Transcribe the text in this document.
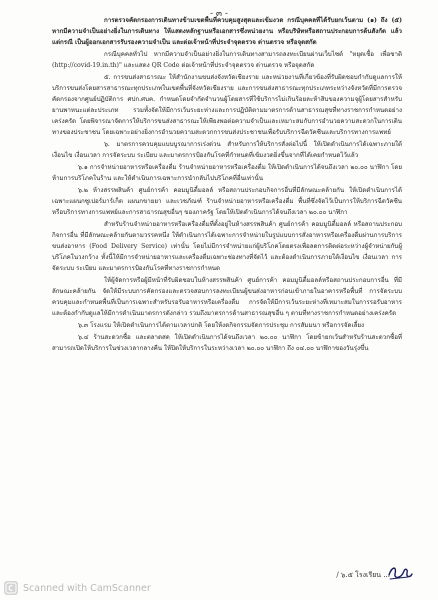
- ๓ -

การตรวจคัดกรองการเดินทางข้ามเขตพื้นที่ควบคุมสูงสุดและเข้มงวด กรณีบุคคลที่ได้รับยกเว้นตาม (๑) ถึง (๕) หากมีความจำเป็นอย่างยิ่งในการเดินทาง ให้แสดงหลักฐานหรือเอกสารซึ่งหน่วยงาน หรือบริษัทหรือสถานประกอบการต้นสังกัด แล้วแต่กรณี เป็นผู้ออกเอกสารรับรองความจำเป็น และต่อเจ้าหน้าที่ประจำจุดตรวจ ด่านตรวจ หรือจุดสกัด

กรณีบุคคลทั่วไป หากมีความจำเป็นอย่างยิ่งในการเดินทางสามารถลงทะเบียนผ่านเว็บไซต์ "หยุดเชื้อ เพื่อชาติ (http://covid-19.in.th)" และแสดง QR Code ต่อเจ้าหน้าที่ประจำจุดตรวจ ด่านตรวจ หรือจุดสกัด

๕. การขนส่งสาธารณะ ให้สำนักงานขนส่งจังหวัดเชียงราย และหน่วยงานที่เกี่ยวข้องที่รับผิดชอบกำกับดูแลการให้บริการขนส่งโดยสารสาธารณะทุกประเภทในเขตพื้นที่จังหวัดเชียงราย และการขนส่งสาธารณะทุกประเภทระหว่างจังหวัดที่มีการตรวจคัดกรองจากศูนย์ปฏิบัติการ ศปก.ศบค. กำหนดโดยจำกัดจำนวนผู้โดยสารที่ใช้บริการไม่เกินร้อยละห้าสิบของความจุผู้โดยสารสำหรับยานพาหนะแต่ละประเภท รวมทั้งจัดให้มีการเว้นระยะห่างและการปฏิบัติตามมาตรการด้านสาธารณสุขที่ทางราชการกำหนดอย่างเคร่งครัด โดยพิจารณาจัดการให้บริการขนส่งสาธารณะให้เพียงพอต่อความจำเป็นและเหมาะสมกับการอำนวยความสะดวกในการเดินทางของประชาชน โดยเฉพาะอย่างยิ่งการอำนวยความสะดวกการขนส่งประชาชนเพื่อรับบริการฉีดวัคซีนและบริการทางการแพทย์

๖. มาตรการควบคุมแบบบูรณาการเร่งด่วน สำหรับการให้บริการสั่งต่อไปนี้ ให้เปิดดำเนินการได้เฉพาะภายใต้เงื่อนไข เงื่อนเวลา การจัดระบบ ระเบียบ และมาตรการป้องกันโรคที่กำหนดที่เข้มงวดยิ่งขึ้นจากที่ได้เคยกำหนดไว้แล้ว

๖.๑ การจำหน่ายอาหารหรือเครื่องดื่ม ร้านจำหน่ายอาหารหรือเครื่องดื่ม ให้เปิดดำเนินการได้จนถึงเวลา ๒๐.๐๐ นาฬิกา โดยห้ามการบริโภคในร้าน และให้ดำเนินการเฉพาะการนำกลับไปบริโภคที่อื่นเท่านั้น

๖.๒ ห้างสรรพสินค้า ศูนย์การค้า คอมมูนิตี้มอลล์ หรือสถานประกอบกิจการอื่นที่มีลักษณะคล้ายกัน ให้เปิดดำเนินการได้เฉพาะแผนกซูเปอร์มาร์เก็ต แผนกขายยา และเวชภัณฑ์ ร้านจำหน่ายอาหารหรือเครื่องดื่ม พื้นที่ซึ่งจัดไว้เป็นการให้บริการฉีดวัคซีนหรือบริการทางการแพทย์และการสาธารณสุขอื่นๆ ของภาครัฐ โดยให้เปิดดำเนินการได้จนถึงเวลา ๒๐.๐๐ นาฬิกา

สำหรับร้านจำหน่ายอาหารหรือเครื่องดื่มที่ตั้งอยู่ในห้างสรรพสินค้า ศูนย์การค้า คอมมูนิตี้มอลล์ หรือสถานประกอบกิจการอื่น ที่มีลักษณะคล้ายกันตามวรรคหนึ่ง ให้ดำเนินการได้เฉพาะการจำหน่ายในรูปแบบการสั่งอาหารหรือเครื่องดื่มผ่านการบริการขนส่งอาหาร (Food Delivery Service) เท่านั้น โดยไม่มีการจำหน่ายแก่ผู้บริโภคโดยตรงเพื่อลดการติดต่อระหว่างผู้จำหน่ายกับผู้บริโภคในวงกว้าง ทั้งนี้ให้มีการจำหน่ายอาหารและเครื่องดื่มเฉพาะช่องทางที่จัดไว้ และต้องดำเนินการภายใต้เงื่อนไข เงื่อนเวลา การจัดระบบ ระเบียบ และมาตรการป้องกันโรคที่ทางราชการกำหนด

ให้ผู้จัดการหรือผู้มีหน้าที่รับผิดชอบในห้างสรรพสินค้า ศูนย์การค้า คอมมูนิตี้มอลล์หรือสถานประกอบการอื่น ที่มีลักษณะคล้ายกัน จัดให้มีระบบการคัดกรองและตรวจสอบการลงทะเบียนผู้ขนส่งอาหารก่อนเข้าภายในอาคารหรือพื้นที่ การจัดระบบควบคุมและกำหนดพื้นที่เป็นการเฉพาะสำหรับรอรับอาหารหรือเครื่องดื่ม การจัดให้มีการเว้นระยะห่างที่เหมาะสมในการรอรับอาหาร และต้องกำกับดูแลให้มีการดำเนินมาตรการดังกล่าว รวมถึงมาตรการด้านสาธารณสุขอื่น ๆ ตามที่ทางราชการกำหนดอย่างเคร่งครัด

๖.๓ โรงแรม ให้เปิดดำเนินการได้ตามเวลาปกติ โดยให้งดกิจกรรมจัดการประชุม การสัมมนา หรือการจัดเลี้ยง

๖.๔ ร้านสะดวกซื้อ และตลาดสด ให้เปิดดำเนินการได้จนถึงเวลา ๒๐.๐๐ นาฬิกา โดยข้ายกเว้นสำหรับร้านสะดวกซื้อที่สามารถเปิดให้บริการในช่วงเวลากลางคืน ให้ปิดให้บริการในระหว่างเวลา ๒๐.๐๐ นาฬิกา ถึง ๐๔.๐๐ นาฬิกาของวันรุ่งขึ้น

/ ๖.๕ โรงเรียน ...
Scanned with CamScanner
